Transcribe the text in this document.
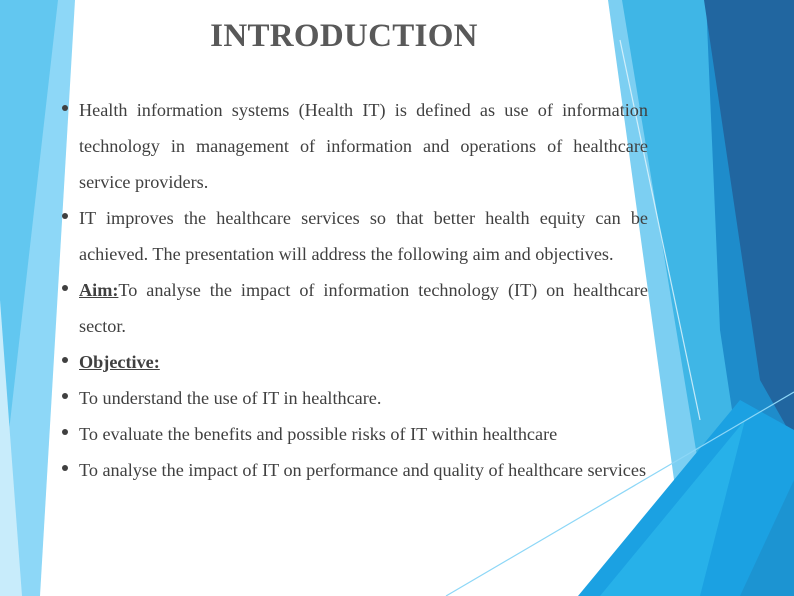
INTRODUCTION
Health information systems (Health IT) is defined as use of information technology in management of information and operations of healthcare service providers.
IT improves the healthcare services so that better health equity can be achieved. The presentation will address the following aim and objectives.
Aim:To analyse the impact of information technology (IT) on healthcare sector.
Objective:
To understand the use of IT in healthcare.
To evaluate the benefits and possible risks of IT within healthcare
To analyse the impact of IT on performance and quality of healthcare services
